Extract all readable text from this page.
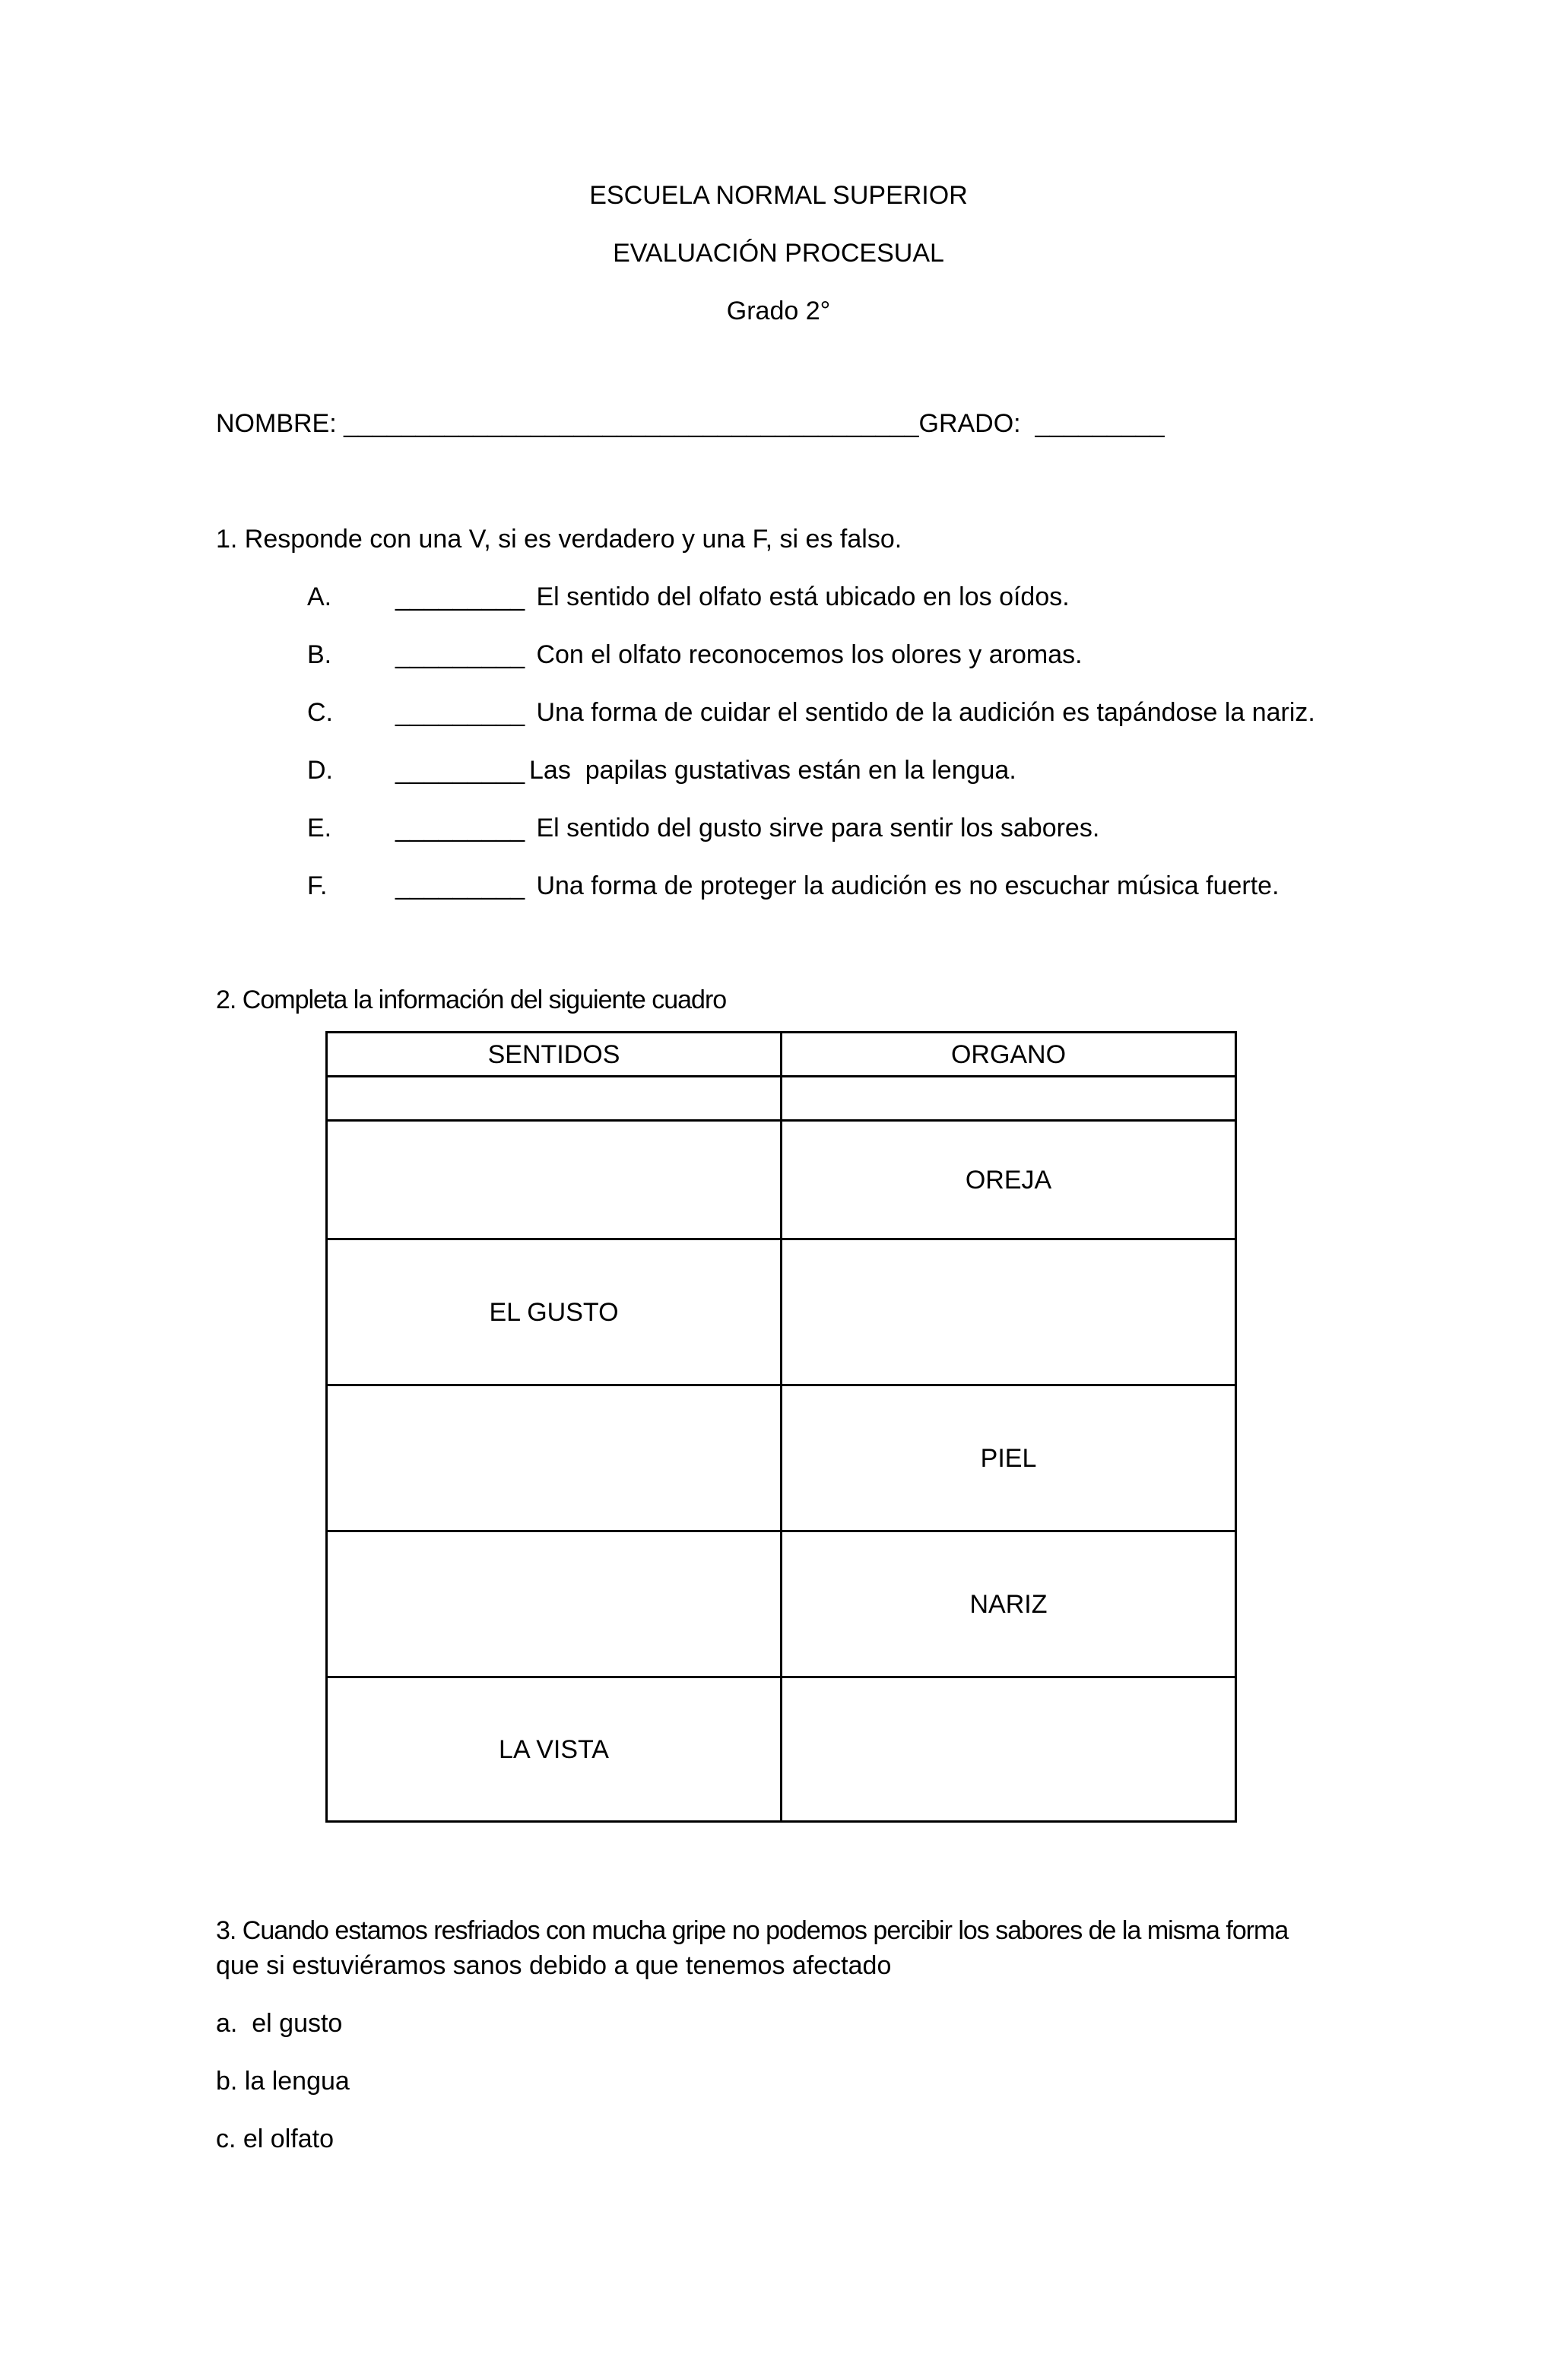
ESCUELA NORMAL SUPERIOR
EVALUACIÓN PROCESUAL
Grado 2°
NOMBRE: ________________________________________GRADO:  _________
1. Responde con una V, si es verdadero y una F, si es falso.
A. _________ El sentido del olfato está ubicado en los oídos.
B. _________ Con el olfato reconocemos los olores y aromas.
C. _________ Una forma de cuidar el sentido de la audición es tapándose la nariz.
D. _________ Las  papilas gustativas están en la lengua.
E. _________ El sentido del gusto sirve para sentir los sabores.
F.	_________ Una forma de proteger la audición es no escuchar música fuerte.
2. Completa la información del siguiente cuadro
SENTIDOS	ORGANO

	OREJA
EL GUSTO	
	PIEL
	NARIZ
LA VISTA	
3. Cuando estamos resfriados con mucha gripe no podemos percibir los sabores de la misma forma
que si estuviéramos sanos debido a que tenemos afectado
a.  el gusto
b. la lengua
c. el olfato
